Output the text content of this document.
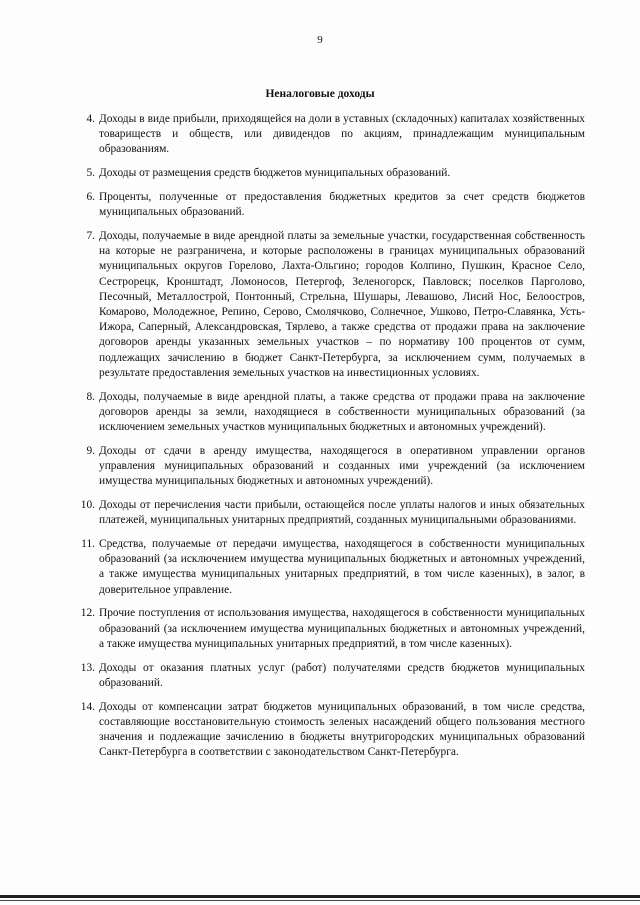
9
Неналоговые доходы
4. Доходы в виде прибыли, приходящейся на доли в уставных (складочных) капиталах хозяйственных товариществ и обществ, или дивидендов по акциям, принадлежащим муниципальным образованиям.
5. Доходы от размещения средств бюджетов муниципальных образований.
6. Проценты, полученные от предоставления бюджетных кредитов за счет средств бюджетов муниципальных образований.
7. Доходы, получаемые в виде арендной платы за земельные участки, государственная собственность на которые не разграничена, и которые расположены в границах муниципальных образований муниципальных округов Горелово, Лахта-Ольгино; городов Колпино, Пушкин, Красное Село, Сестрорецк, Кронштадт, Ломоносов, Петергоф, Зеленогорск, Павловск; поселков Парголово, Песочный, Металлострой, Понтонный, Стрельна, Шушары, Левашово, Лисий Нос, Белоостров, Комарово, Молодежное, Репино, Серово, Смолячково, Солнечное, Ушково, Петро-Славянка, Усть-Ижора, Саперный, Александровская, Тярлево, а также средства от продажи права на заключение договоров аренды указанных земельных участков – по нормативу 100 процентов от сумм, подлежащих зачислению в бюджет Санкт-Петербурга, за исключением сумм, получаемых в результате предоставления земельных участков на инвестиционных условиях.
8. Доходы, получаемые в виде арендной платы, а также средства от продажи права на заключение договоров аренды за земли, находящиеся в собственности муниципальных образований (за исключением земельных участков муниципальных бюджетных и автономных учреждений).
9. Доходы от сдачи в аренду имущества, находящегося в оперативном управлении органов управления муниципальных образований и созданных ими учреждений (за исключением имущества муниципальных бюджетных и автономных учреждений).
10. Доходы от перечисления части прибыли, остающейся после уплаты налогов и иных обязательных платежей, муниципальных унитарных предприятий, созданных муниципальными образованиями.
11. Средства, получаемые от передачи имущества, находящегося в собственности муниципальных образований (за исключением имущества муниципальных бюджетных и автономных учреждений, а также имущества муниципальных унитарных предприятий, в том числе казенных), в залог, в доверительное управление.
12. Прочие поступления от использования имущества, находящегося в собственности муниципальных образований (за исключением имущества муниципальных бюджетных и автономных учреждений, а также имущества муниципальных унитарных предприятий, в том числе казенных).
13. Доходы от оказания платных услуг (работ) получателями средств бюджетов муниципальных образований.
14. Доходы от компенсации затрат бюджетов муниципальных образований, в том числе средства, составляющие восстановительную стоимость зеленых насаждений общего пользования местного значения и подлежащие зачислению в бюджеты внутригородских муниципальных образований Санкт-Петербурга в соответствии с законодательством Санкт-Петербурга.
